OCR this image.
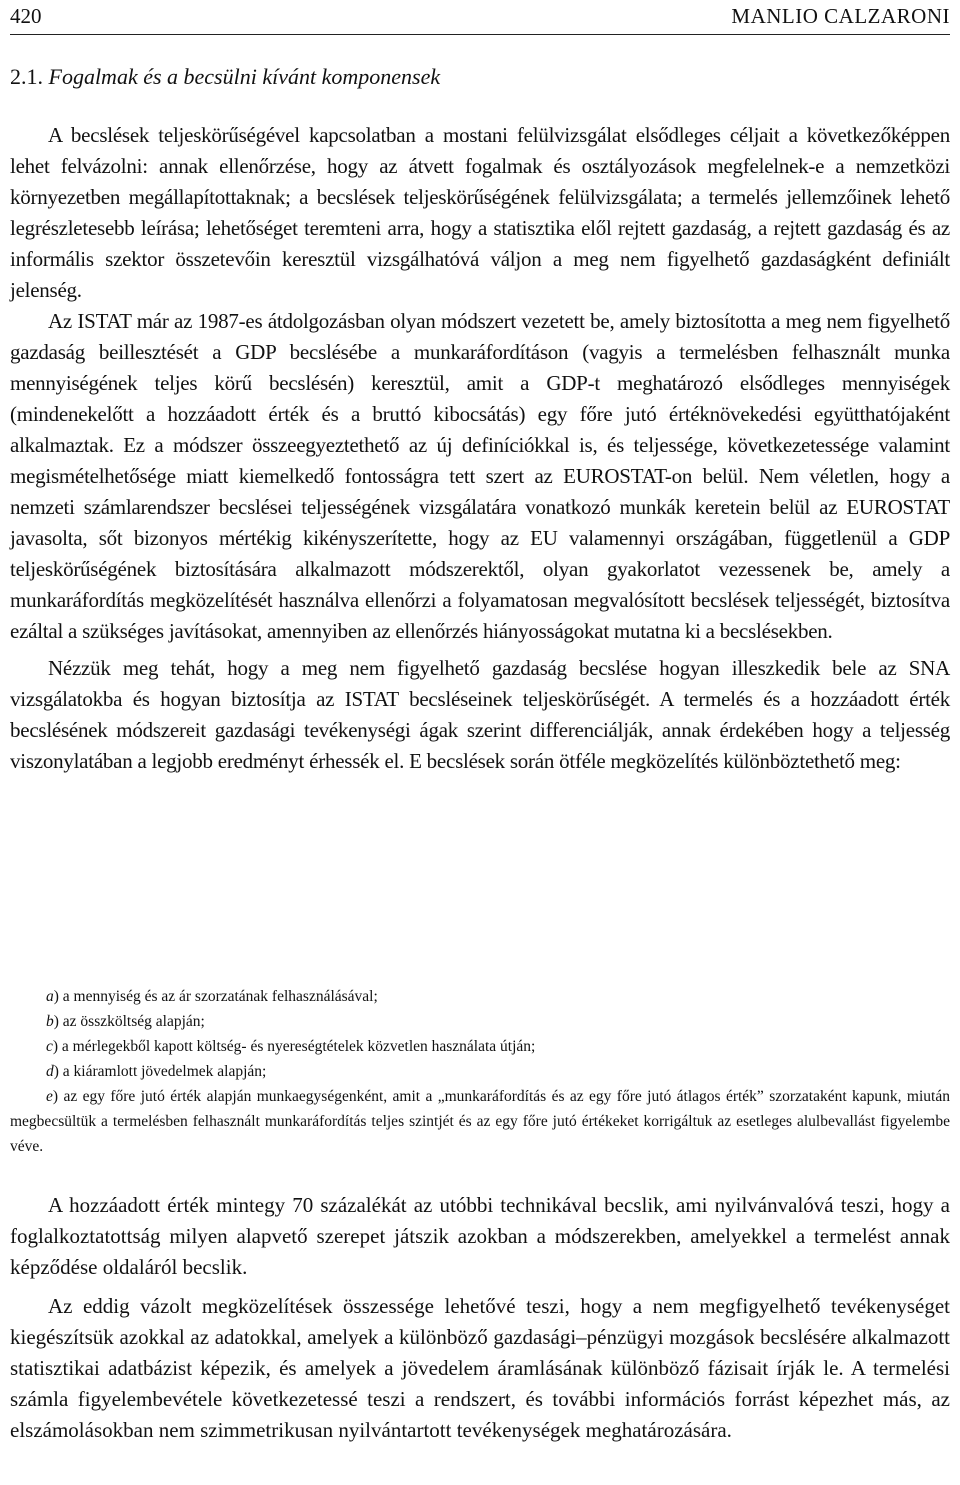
420	MANLIO CALZARONI
2.1. Fogalmak és a becsülni kívánt komponensek

A becslések teljeskörűségével kapcsolatban a mostani felülvizsgálat elsődleges céljait a következőképpen lehet felvázolni: annak ellenőrzése, hogy az átvett fogalmak és osztályozások megfelelnek-e a nemzetközi környezetben megállapítottaknak; a becslések teljeskörűségének felülvizsgálata; a termelés jellemzőinek lehető legrészletesebb leírása; lehetőséget teremteni arra, hogy a statisztika elől rejtett gazdaság, a rejtett gazdaság és az informális szektor összetevőin keresztül vizsgálhatóvá váljon a meg nem figyelhető gazdaságként definiált jelenség.

Az ISTAT már az 1987-es átdolgozásban olyan módszert vezetett be, amely biztosította a meg nem figyelhető gazdaság beillesztését a GDP becslésébe a munkaráfordításon (vagyis a termelésben felhasznált munka mennyiségének teljes körű becslésén) keresztül, amit a GDP-t meghatározó elsődleges mennyiségek (mindenekelőtt a hozzáadott érték és a bruttó kibocsátás) egy főre jutó értéknövekedési együtthatójaként alkalmaztak. Ez a módszer összeegyeztethető az új definíciókkal is, és teljessége, következetessége valamint megismételhetősége miatt kiemelkedő fontosságra tett szert az EUROSTAT-on belül. Nem véletlen, hogy a nemzeti számlarendszer becslései teljességének vizsgálatára vonatkozó munkák keretein belül az EUROSTAT javasolta, sőt bizonyos mértékig kikényszerítette, hogy az EU valamennyi országában, függetlenül a GDP teljeskörűségének biztosítására alkalmazott módszerektől, olyan gyakorlatot vezessenek be, amely a munkaráfordítás megközelítését használva ellenőrzi a folyamatosan megvalósított becslések teljességét, biztosítva ezáltal a szükséges javításokat, amennyiben az ellenőrzés hiányosságokat mutatna ki a becslésekben.

Nézzük meg tehát, hogy a meg nem figyelhető gazdaság becslése hogyan illeszkedik bele az SNA vizsgálatokba és hogyan biztosítja az ISTAT becsléseinek teljeskörűségét. A termelés és a hozzáadott érték becslésének módszereit gazdasági tevékenységi ágak szerint differenciálják, annak érdekében hogy a teljesség viszonylatában a legjobb eredményt érhessék el. E becslések során ötféle megközelítés különböztethető meg:

a) a mennyiség és az ár szorzatának felhasználásával;

b) az összköltség alapján;

c) a mérlegekből kapott költség- és nyereségtételek közvetlen használata útján;

d) a kiáramlott jövedelmek alapján;

e) az egy főre jutó érték alapján munkaegységenként, amit a „munkaráfordítás és az egy főre jutó átlagos érték” szorzataként kapunk, miután megbecsültük a termelésben felhasznált munkaráfordítás teljes szintjét és az egy főre jutó értékeket korrigáltuk az esetleges alulbevallást figyelembe véve.

A hozzáadott érték mintegy 70 százalékát az utóbbi technikával becslik, ami nyilvánvalóvá teszi, hogy a foglalkoztatottság milyen alapvető szerepet játszik azokban a módszerekben, amelyekkel a termelést annak képződése oldaláról becslik.

Az eddig vázolt megközelítések összessége lehetővé teszi, hogy a nem megfigyelhető tevékenységet kiegészítsük azokkal az adatokkal, amelyek a különböző gazdasági–pénzügyi mozgások becslésére alkalmazott statisztikai adatbázist képezik, és amelyek a jövedelem áramlásának különböző fázisait írják le. A termelési számla figyelembevétele következetessé teszi a rendszert, és további információs forrást képezhet más, az elszámolásokban nem szimmetrikusan nyilvántartott tevékenységek meghatározására.
